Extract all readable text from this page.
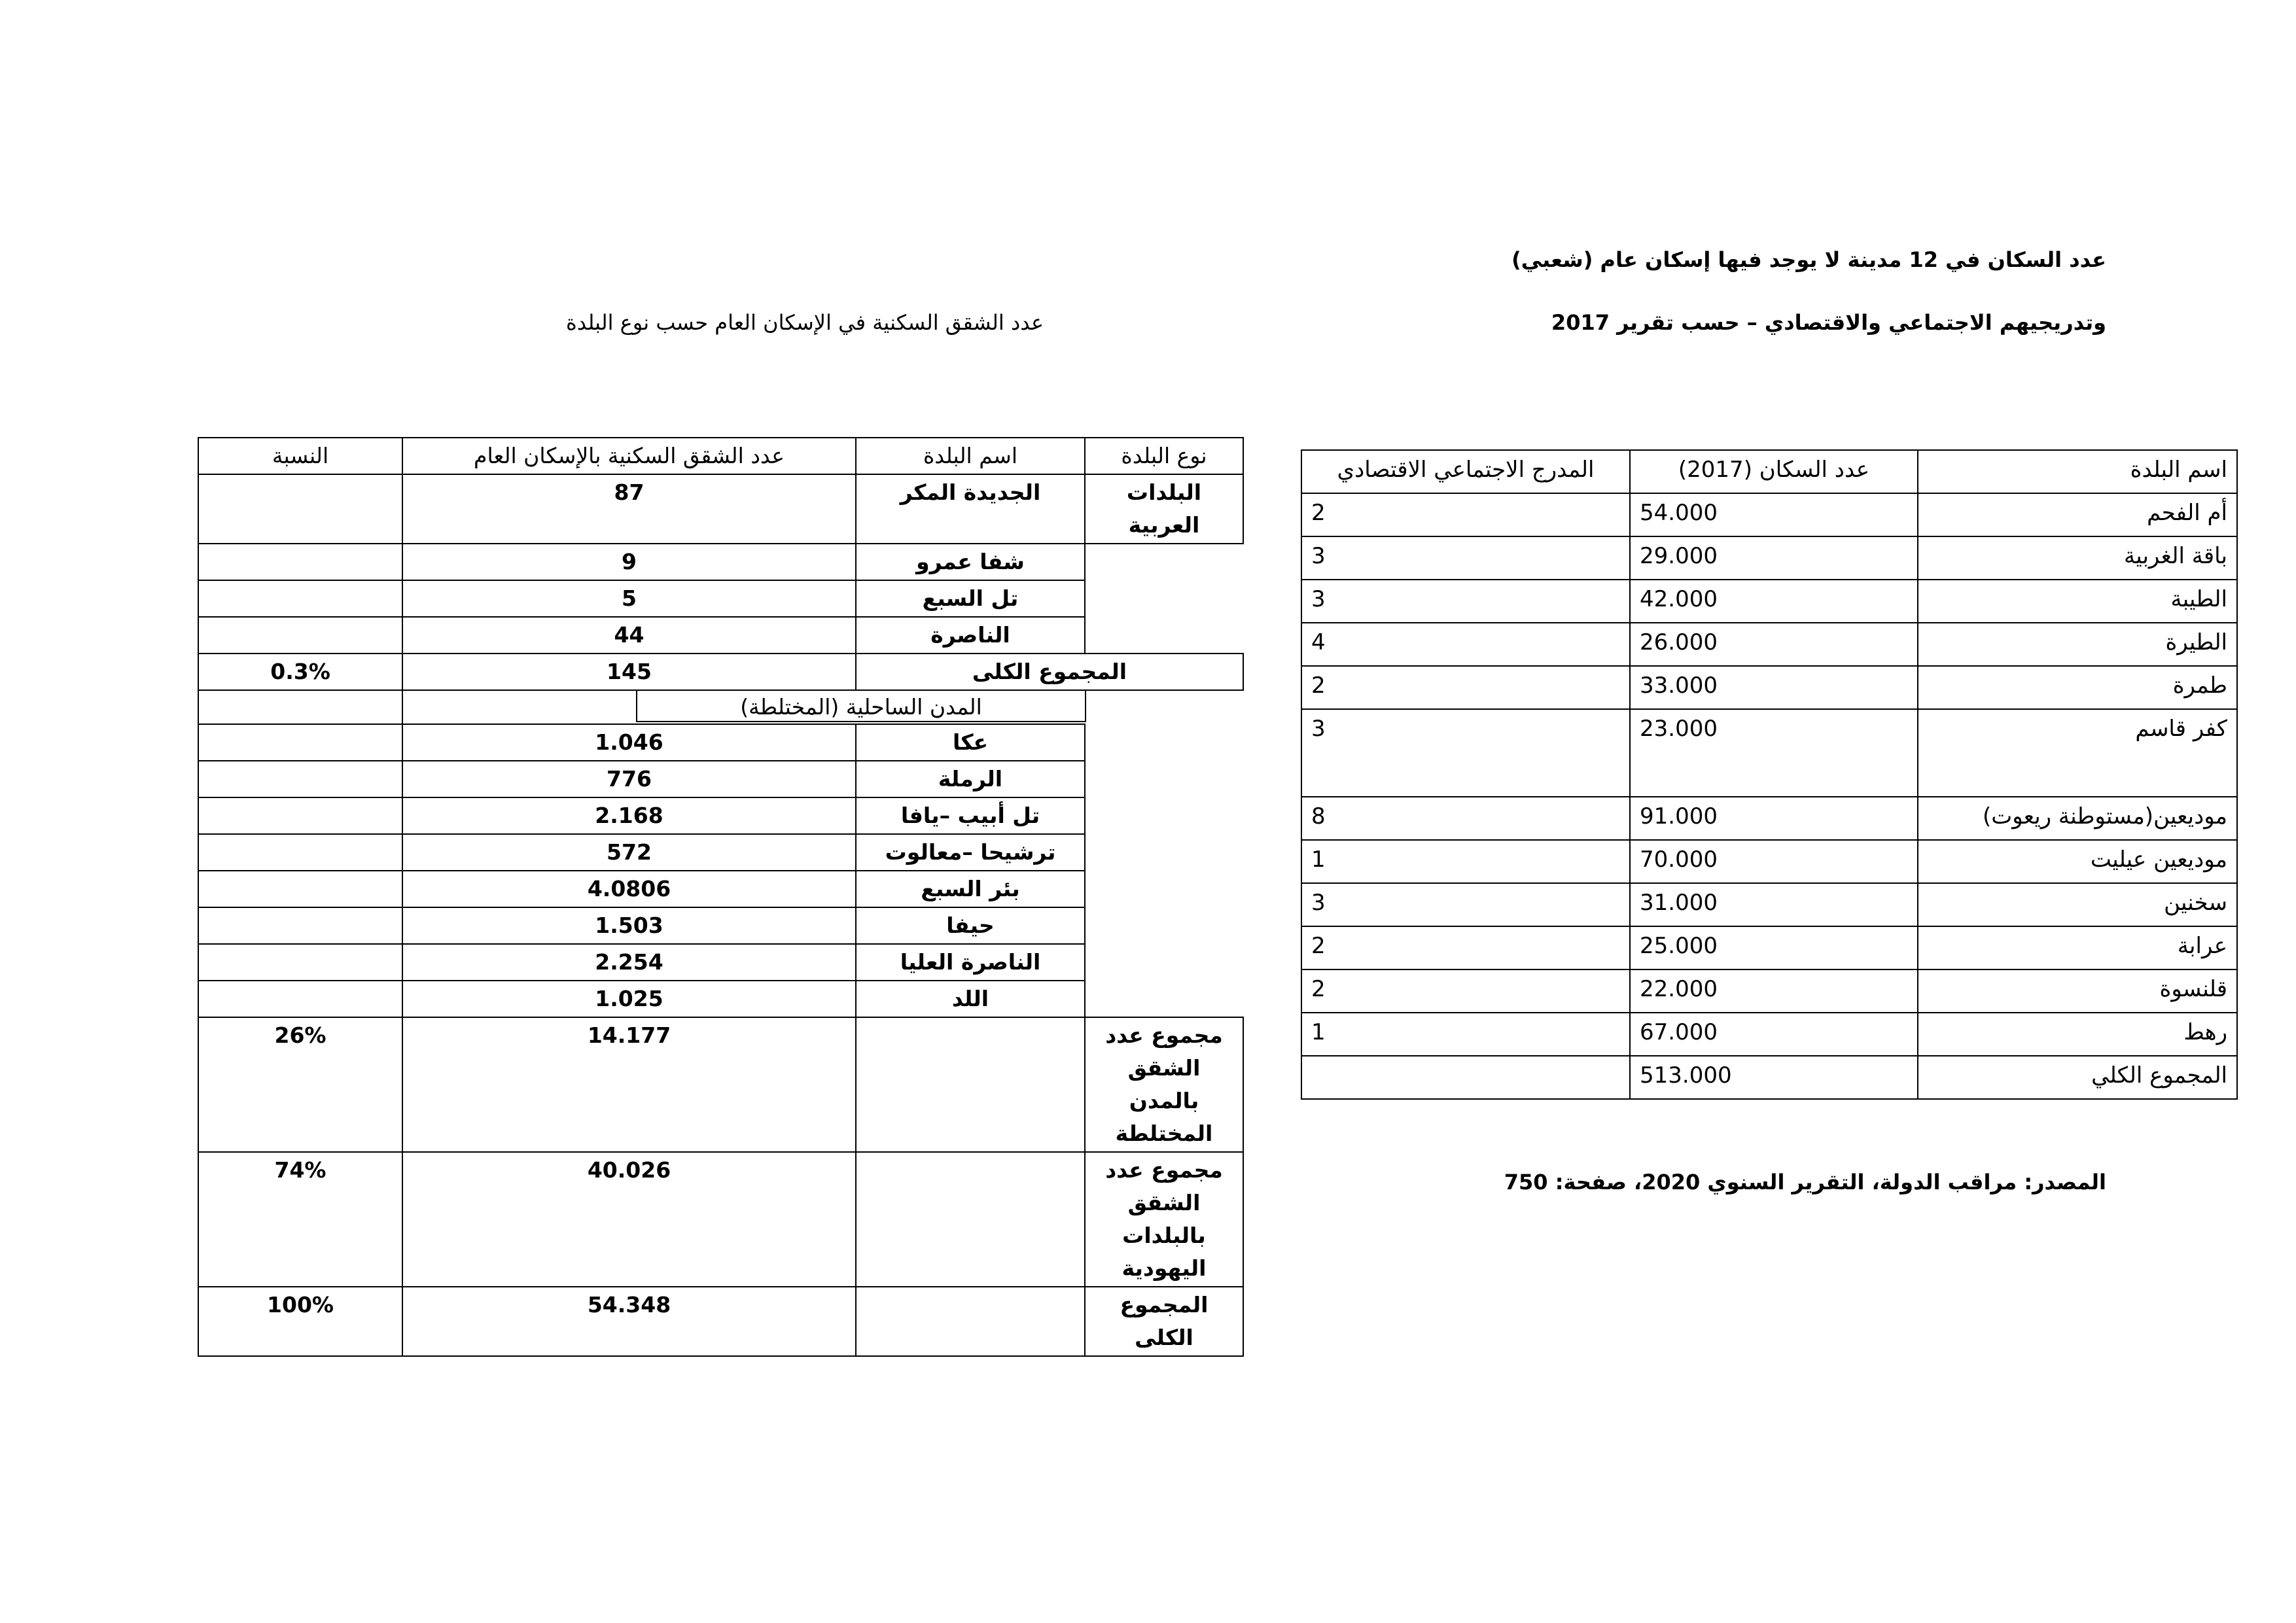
عدد السكان في 12 مدينة لا يوجد فيها إسكان عام (شعبي)
وتدريجيهم الاجتماعي والاقتصادي – حسب تقرير 2017
عدد الشقق السكنية في الإسكان العام حسب نوع البلدة
اسم البلدة	عدد السكان (2017)	المدرج الاجتماعي الاقتصادي
أم الفحم	54.000	2
باقة الغربية	29.000	3
الطيبة	42.000	3
الطيرة	26.000	4
طمرة	33.000	2
كفر قاسم	23.000	3
موديعين(مستوطنة ريعوت)	91.000	8
موديعين عيليت	70.000	1
سخنين	31.000	3
عرابة	25.000	2
قلنسوة	22.000	2
رهط	67.000	1
المجموع الكلي	513.000	
المصدر: مراقب الدولة، التقرير السنوي 2020، صفحة: 750
نوع البلدة	اسم البلدة	عدد الشقق السكنية بالإسكان العام	النسبة
البلدات العربية	الجديدة المكر	87	
	شفا عمرو	9	
	تل السبع	5	
	الناصرة	44	
المجموع الكلى		145	0.3%

	المدن الساحلية (المختلطة)		

	عكا	1.046	
	الرملة	776	
	تل أبيب –يافا	2.168	
	ترشيحا –معالوت	572	
	بئر السبع	4.0806	
	حيفا	1.503	
	الناصرة العليا	2.254	
	اللد	1.025	
مجموع عدد الشقق بالمدن المختلطة		14.177	26%
مجموع عدد الشقق بالبلدات اليهودية		40.026	74%
المجموع الكلى		54.348	100%
